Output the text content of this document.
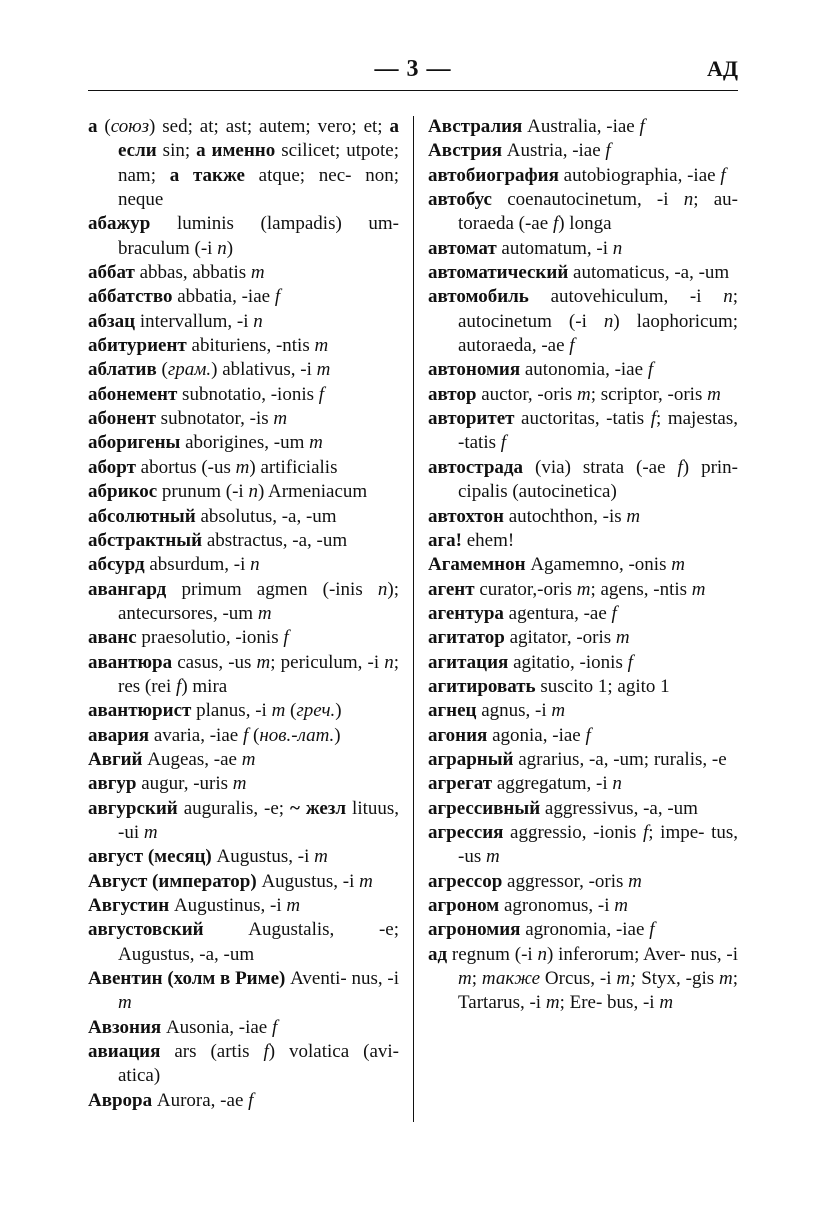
— 3 —	АД
а (союз) sed; at; ast; autem; vero; et; а если sin; а именно scilicet; utpote; nam; а также atque; nec- non; neque
абажур luminis (lampadis) um- braculum (-i n)
аббат abbas, abbatis m
аббатство abbatia, -iae f
абзац intervallum, -i n
абитуриент abituriens, -ntis m
аблатив (грам.) ablativus, -i m
абонемент subnotatio, -ionis f
абонент subnotator, -is m
аборигены aborigines, -um m
аборт abortus (-us m) artificialis
абрикос prunum (-i n) Armeniacum
абсолютный absolutus, -a, -um
абстрактный abstractus, -a, -um
абсурд absurdum, -i n
авангард primum agmen (-inis n); antecursores, -um m
аванс praesolutio, -ionis f
авантюра casus, -us m; periculum, -i n; res (rei f) mira
авантюрист planus, -i m (греч.)
авария avaria, -iae f (нов.-лат.)
Авгий Augeas, -ae m
авгур augur, -uris m
авгурский auguralis, -e; ~ жезл lituus, -ui m
август (месяц) Augustus, -i m
Август (император) Augustus, -i m
Августин Augustinus, -i m
августовский Augustalis, -e; Augustus, -a, -um
Авентин (холм в Риме) Aventi- nus, -i m
Авзония Ausonia, -iae f
авиация ars (artis f) volatica (avi- atica)
Аврора Aurora, -ae f
Австралия Australia, -iae f
Австрия Austria, -iae f
автобиография autobiographia, -iae f
автобус coenautocinetum, -i n; au- toraeda (-ae f) longa
автомат automatum, -i n
автоматический automaticus, -a, -um
автомобиль autovehiculum, -i n; autocinetum (-i n) laophoricum; autoraeda, -ae f
автономия autonomia, -iae f
автор auctor, -oris m; scriptor, -oris m
авторитет auctoritas, -tatis f; majestas, -tatis f
автострада (via) strata (-ae f) prin- cipalis (autocinetica)
автохтон autochthon, -is m
ага! ehem!
Агамемнон Agamemno, -onis m
агент curator,-oris m; agens, -ntis m
агентура agentura, -ae f
агитатор agitator, -oris m
агитация agitatio, -ionis f
агитировать suscito 1; agito 1
агнец agnus, -i m
агония agonia, -iae f
аграрный agrarius, -a, -um; ruralis, -e
агрегат aggregatum, -i n
агрессивный aggressivus, -a, -um
агрессия aggressio, -ionis f; impe- tus, -us m
агрессор aggressor, -oris m
агроном agronomus, -i m
агрономия agronomia, -iae f
ад regnum (-i n) inferorum; Aver- nus, -i m; также Orcus, -i m; Styx, -gis m; Tartarus, -i m; Ere- bus, -i m
